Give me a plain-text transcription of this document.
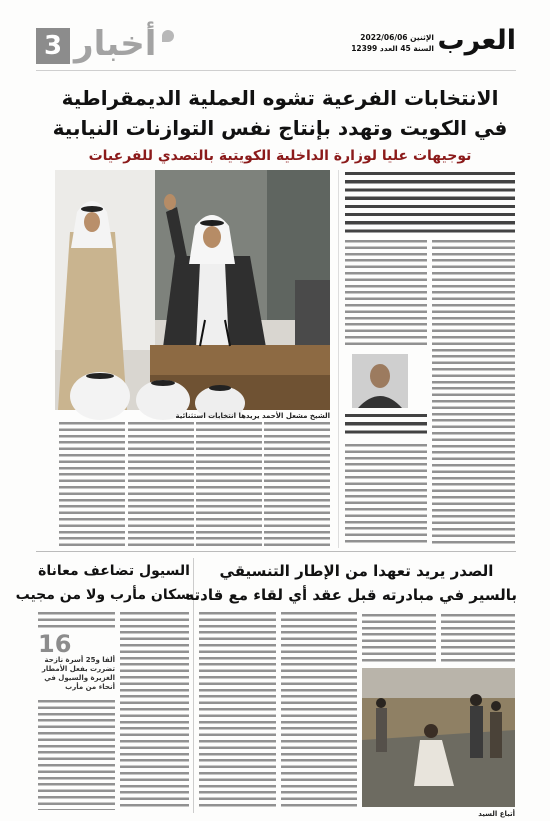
3 أخبار	العرب
الإثنين 2022/06/06
السنة 45 العدد 12399
الانتخابات الفرعية تشوه العملية الديمقراطية
في الكويت وتهدد بإنتاج نفس التوازنات النيابية
توجيهات عليا لوزارة الداخلية الكويتية بالتصدي للفرعيات
الشيخ مشعل الأحمد يريدها انتخابات استثنائية
الصدر يريد تعهدا من الإطار التنسيقي
بالسير في مبادرته قبل عقد أي لقاء مع قادته
أتباع السيد
السيول تضاعف معاناة
سكان مأرب ولا من مجيب
16
ألفا و25 أسرة نازحة تضررت بفعل الأمطار الغزيرة والسيول في أنحاء من مأرب
